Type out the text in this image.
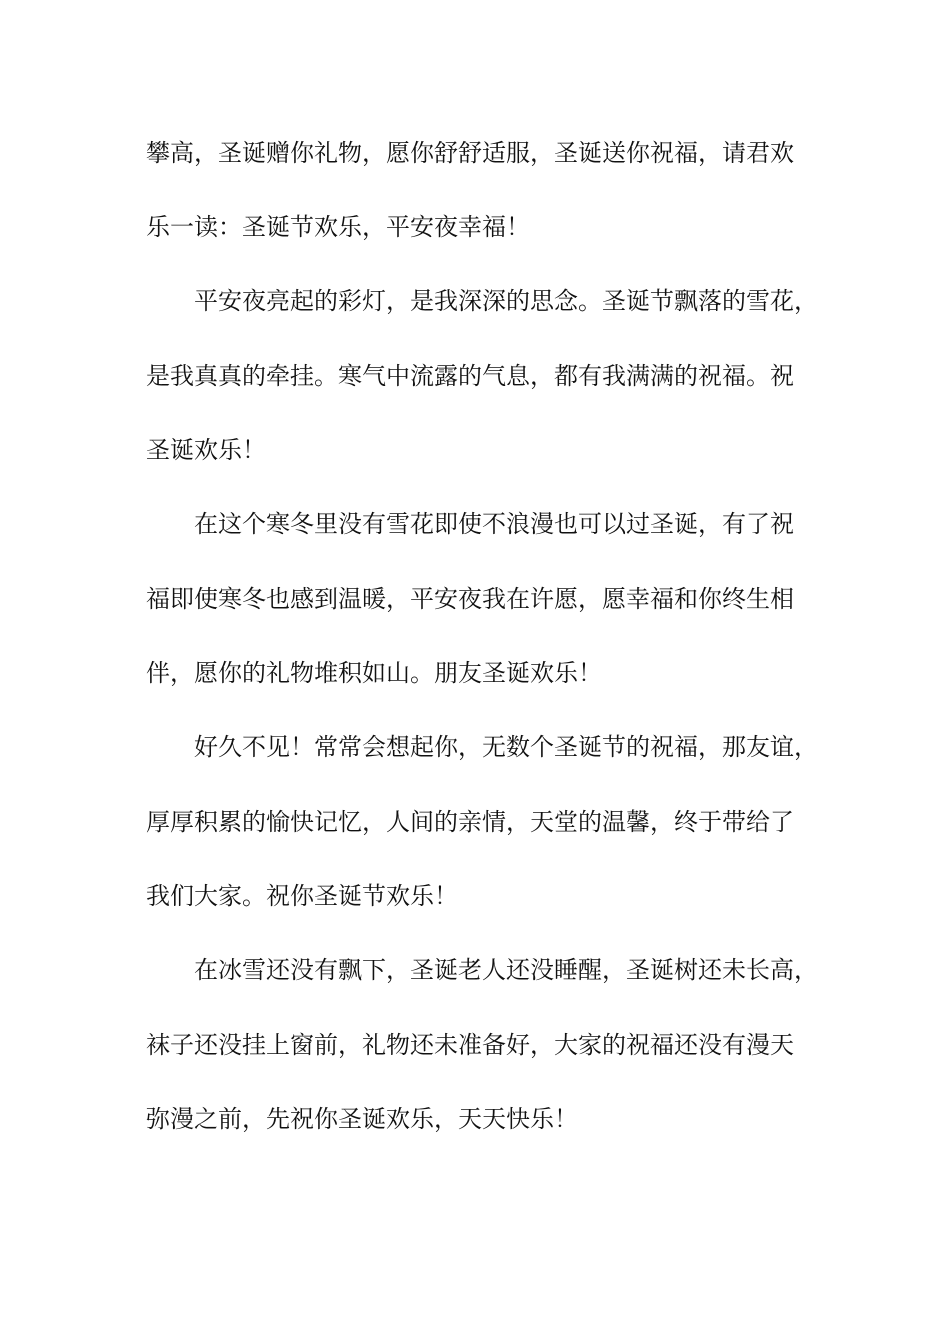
攀高，圣诞赠你礼物，愿你舒舒适服，圣诞送你祝福，请君欢
乐一读：圣诞节欢乐，平安夜幸福！
平安夜亮起的彩灯，是我深深的思念。圣诞节飘落的雪花，
是我真真的牵挂。寒气中流露的气息，都有我满满的祝福。祝
圣诞欢乐！
在这个寒冬里没有雪花即使不浪漫也可以过圣诞，有了祝
福即使寒冬也感到温暖，平安夜我在许愿，愿幸福和你终生相
伴，愿你的礼物堆积如山。朋友圣诞欢乐！
好久不见！常常会想起你，无数个圣诞节的祝福，那友谊，
厚厚积累的愉快记忆，人间的亲情，天堂的温馨，终于带给了
我们大家。祝你圣诞节欢乐！
在冰雪还没有飘下，圣诞老人还没睡醒，圣诞树还未长高，
袜子还没挂上窗前，礼物还未准备好，大家的祝福还没有漫天
弥漫之前，先祝你圣诞欢乐，天天快乐！
